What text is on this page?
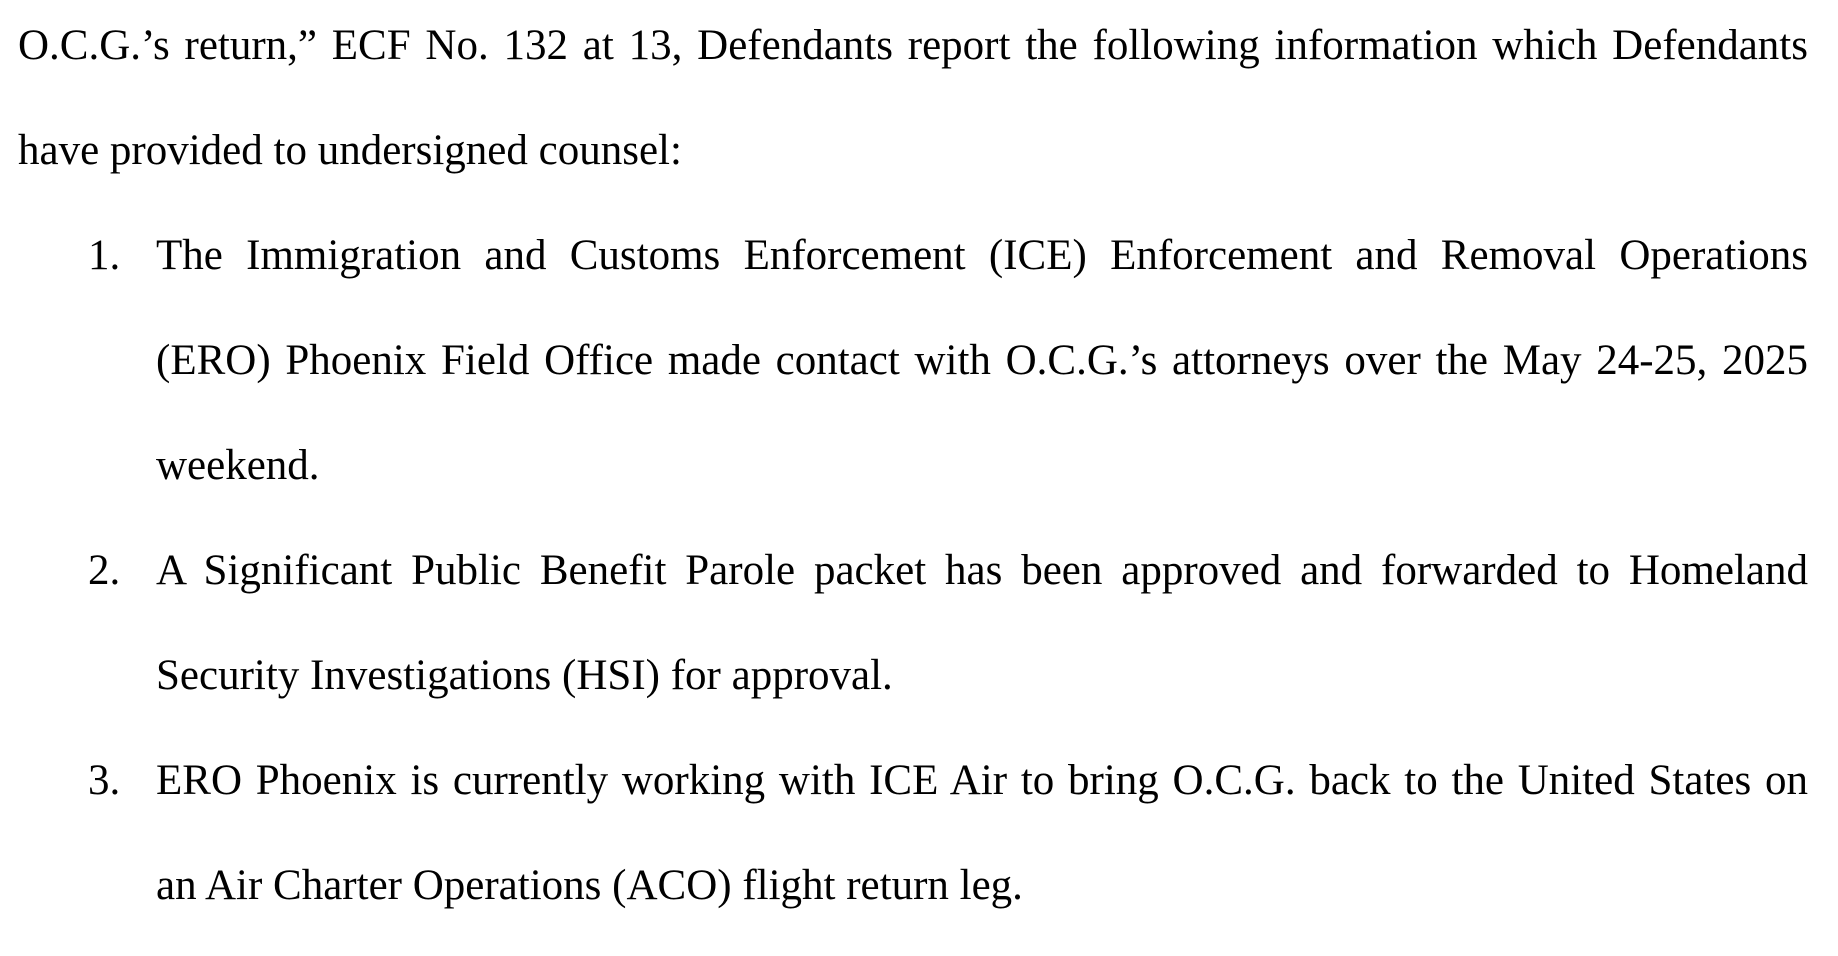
O.C.G.’s return,” ECF No. 132 at 13, Defendants report the following information which Defendants have provided to undersigned counsel:

1. The Immigration and Customs Enforcement (ICE) Enforcement and Removal Operations (ERO) Phoenix Field Office made contact with O.C.G.’s attorneys over the May 24-25, 2025 weekend.
2. A Significant Public Benefit Parole packet has been approved and forwarded to Homeland Security Investigations (HSI) for approval.
3. ERO Phoenix is currently working with ICE Air to bring O.C.G. back to the United States on an Air Charter Operations (ACO) flight return leg.
